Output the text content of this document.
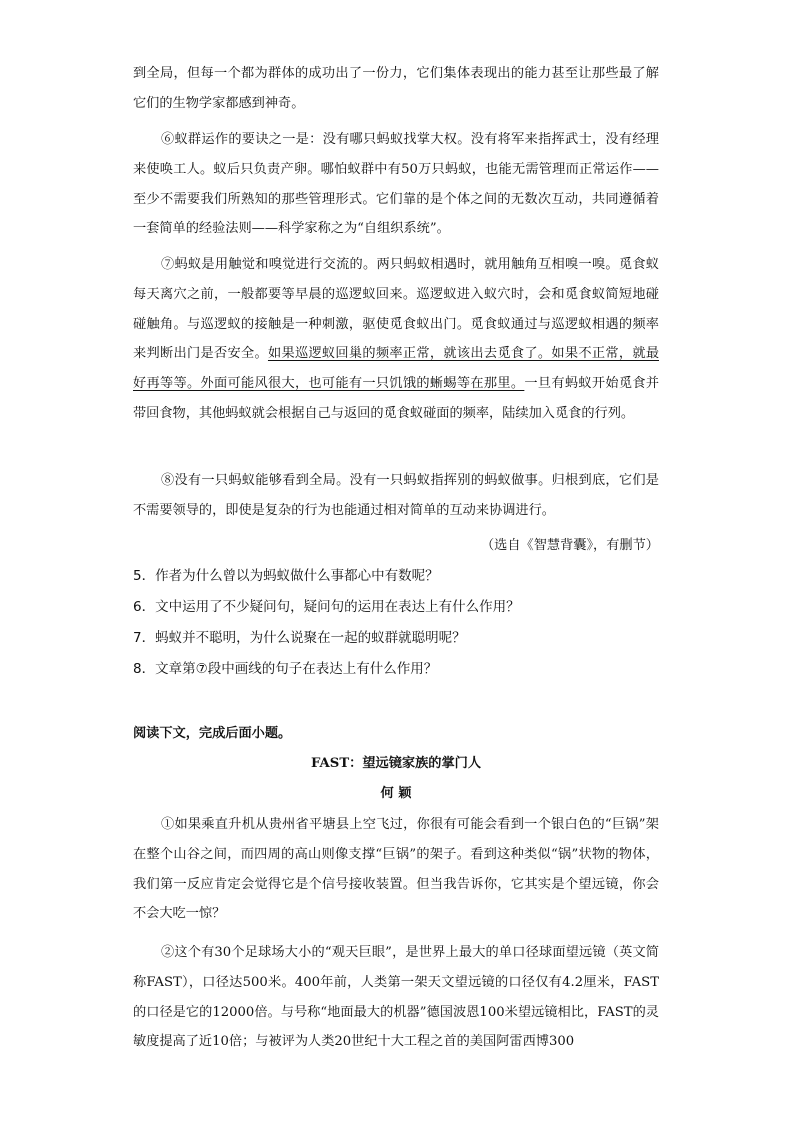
到全局，但每一个都为群体的成功出了一份力，它们集体表现出的能力甚至让那些最了解它们的生物学家都感到神奇。

⑥蚁群运作的要诀之一是：没有哪只蚂蚁找掌大权。没有将军来指挥武士，没有经理来使唤工人。蚁后只负责产卵。哪怕蚁群中有50万只蚂蚁，也能无需管理而正常运作——至少不需要我们所熟知的那些管理形式。它们靠的是个体之间的无数次互动，共同遵循着一套简单的经验法则——科学家称之为“自组织系统”。

⑦蚂蚁是用触觉和嗅觉进行交流的。两只蚂蚁相遇时，就用触角互相嗅一嗅。觅食蚁每天离穴之前，一般都要等早晨的巡逻蚁回来。巡逻蚁进入蚁穴时，会和觅食蚁简短地碰碰触角。与巡逻蚁的接触是一种刺激，驱使觅食蚁出门。觅食蚁通过与巡逻蚁相遇的频率来判断出门是否安全。如果巡逻蚁回巢的频率正常，就该出去觅食了。如果不正常，就最好再等等。外面可能风很大，也可能有一只饥饿的蜥蜴等在那里。一旦有蚂蚁开始觅食并带回食物，其他蚂蚁就会根据自己与返回的觅食蚁碰面的频率，陆续加入觅食的行列。

⑧没有一只蚂蚁能够看到全局。没有一只蚂蚁指挥别的蚂蚁做事。归根到底，它们是不需要领导的，即使是复杂的行为也能通过相对简单的互动来协调进行。

（选自《智慧背囊》，有删节）

5．作者为什么曾以为蚂蚁做什么事都心中有数呢？

6．文中运用了不少疑问句，疑问句的运用在表达上有什么作用？

7．蚂蚁并不聪明，为什么说聚在一起的蚁群就聪明呢？

8．文章第⑦段中画线的句子在表达上有什么作用？

阅读下文，完成后面小题。

FAST：望远镜家族的掌门人

何 颖

①如果乘直升机从贵州省平塘县上空飞过，你很有可能会看到一个银白色的“巨锅”架在整个山谷之间，而四周的高山则像支撑“巨锅”的架子。看到这种类似“锅”状物的物体，我们第一反应肯定会觉得它是个信号接收装置。但当我告诉你，它其实是个望远镜，你会不会大吃一惊？

②这个有30个足球场大小的“观天巨眼”，是世界上最大的单口径球面望远镜（英文简称FAST），口径达500米。400年前，人类第一架天文望远镜的口径仅有4.2厘米，FAST的口径是它的12000倍。与号称“地面最大的机器”德国波恩100米望远镜相比，FAST的灵敏度提高了近10倍；与被评为人类20世纪十大工程之首的美国阿雷西博300
